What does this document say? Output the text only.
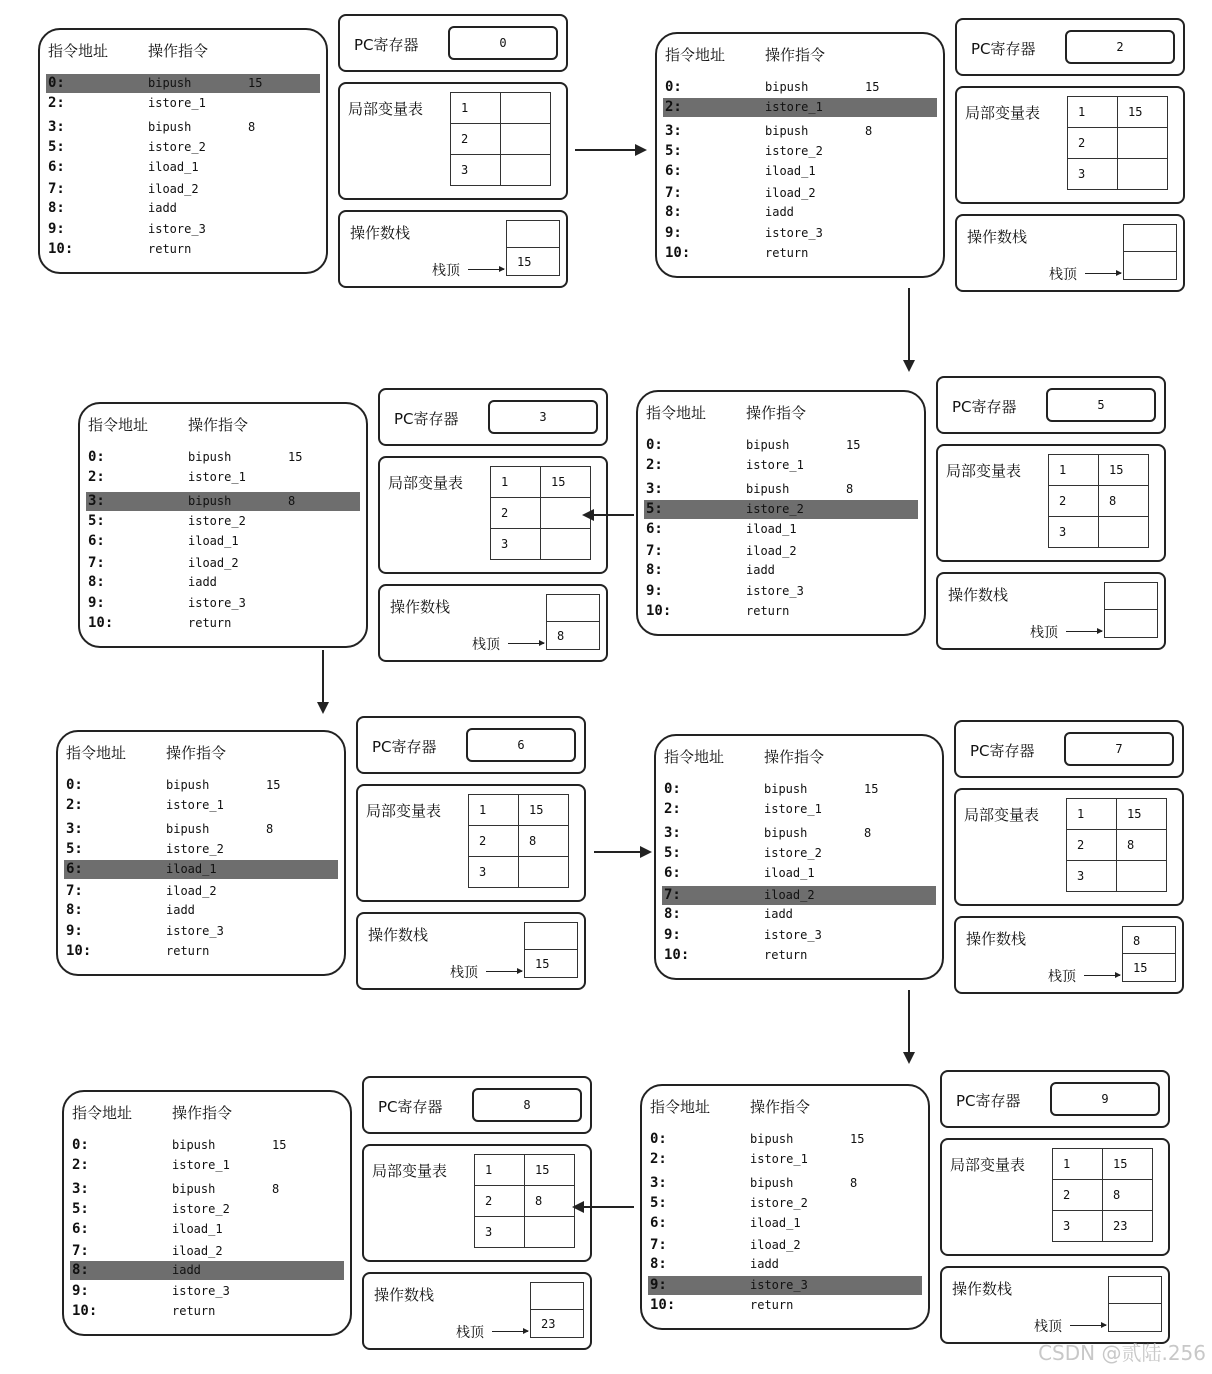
指令地址	操作指令
0:	bipush	15
2:	istore_1
3:	bipush	8
5:	istore_2
6:	iload_1
7:	iload_2
8:	iadd
9:	istore_3
10:	return
PC寄存器	0
局部变量表	1	
2	
3	
操作数栈
栈顶
15
指令地址	操作指令
0:	bipush	15
2:	istore_1
3:	bipush	8
5:	istore_2
6:	iload_1
7:	iload_2
8:	iadd
9:	istore_3
10:	return
PC寄存器	2
局部变量表	1	15
2	
3	
操作数栈
栈顶
指令地址	操作指令
0:	bipush	15
2:	istore_1
3:	bipush	8
5:	istore_2
6:	iload_1
7:	iload_2
8:	iadd
9:	istore_3
10:	return
PC寄存器	3
局部变量表	1	15
2	
3	
操作数栈
栈顶
8
指令地址	操作指令
0:	bipush	15
2:	istore_1
3:	bipush	8
5:	istore_2
6:	iload_1
7:	iload_2
8:	iadd
9:	istore_3
10:	return
PC寄存器	5
局部变量表	1	15
2	8
3	
操作数栈
栈顶
指令地址	操作指令
0:	bipush	15
2:	istore_1
3:	bipush	8
5:	istore_2
6:	iload_1
7:	iload_2
8:	iadd
9:	istore_3
10:	return
PC寄存器	6
局部变量表	1	15
2	8
3	
操作数栈
栈顶
15
指令地址	操作指令
0:	bipush	15
2:	istore_1
3:	bipush	8
5:	istore_2
6:	iload_1
7:	iload_2
8:	iadd
9:	istore_3
10:	return
PC寄存器	7
局部变量表	1	15
2	8
3	
操作数栈
栈顶
8
15
指令地址	操作指令
0:	bipush	15
2:	istore_1
3:	bipush	8
5:	istore_2
6:	iload_1
7:	iload_2
8:	iadd
9:	istore_3
10:	return
PC寄存器	8
局部变量表	1	15
2	8
3	
操作数栈
栈顶
23
指令地址	操作指令
0:	bipush	15
2:	istore_1
3:	bipush	8
5:	istore_2
6:	iload_1
7:	iload_2
8:	iadd
9:	istore_3
10:	return
PC寄存器	9
局部变量表	1	15
2	8
3	23
操作数栈
栈顶
CSDN @贰陆.256
